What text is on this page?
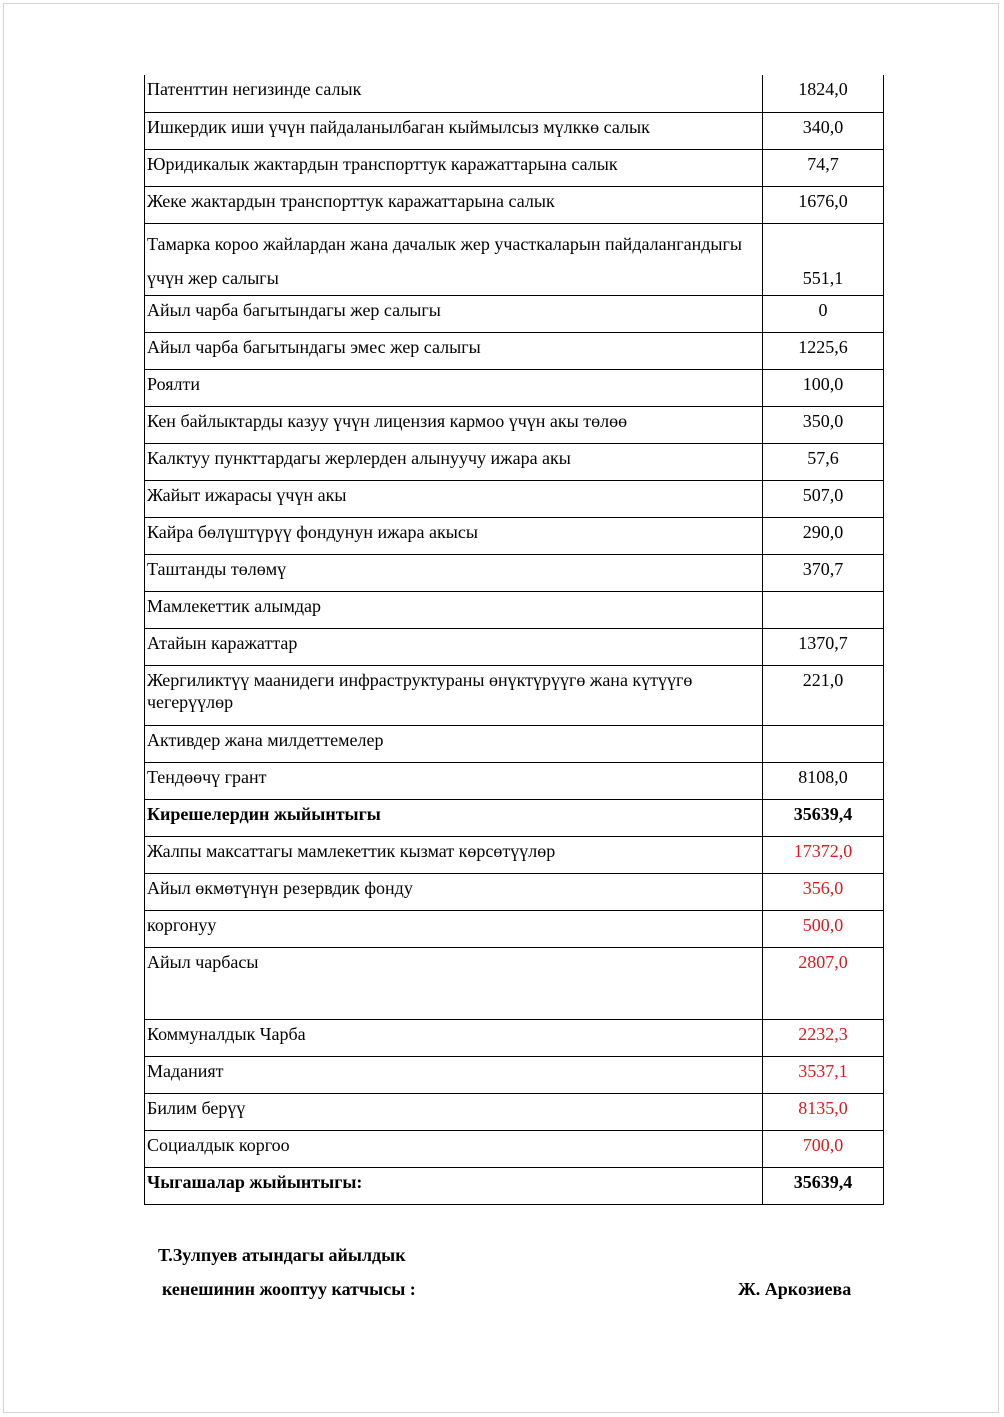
Патенттин негизинде салык	1824,0
Ишкердик иши үчүн пайдаланылбаган кыймылсыз мүлккө салык	340,0
Юридикалык жактардын транспорттук каражаттарына салык	74,7
Жеке жактардын транспорттук каражаттарына салык	1676,0
Тамарка короо жайлардан жана дачалык жер участкаларын пайдалангандыгы үчүн жер салыгы	551,1
Айыл чарба багытындагы жер салыгы	0
Айыл чарба багытындагы эмес жер салыгы	1225,6
Роялти	100,0
Кен байлыктарды казуу үчүн лицензия кармоо үчүн акы төлөө	350,0
Калктуу пункттардагы жерлерден алынуучу ижара акы	57,6
Жайыт ижарасы үчүн акы	507,0
Кайра бөлүштүрүү фондунун ижара акысы	290,0
Таштанды төлөмү	370,7
Мамлекеттик алымдар	
Атайын каражаттар	1370,7
Жергиликтүү маанидеги инфраструктураны өнүктүрүүгө жана күтүүгө чегерүүлөр	221,0
Активдер жана милдеттемелер	
Тендөөчү грант	8108,0
Кирешелердин жыйынтыгы	35639,4
Жалпы максаттагы мамлекеттик кызмат көрсөтүүлөр	17372,0
Айыл өкмөтүнүн резервдик фонду	356,0
коргонуу	500,0
Айыл чарбасы	2807,0
Коммуналдык Чарба	2232,3
Маданият	3537,1
Билим берүү	8135,0
Социалдык коргоо	700,0
Чыгашалар жыйынтыгы:	35639,4
Т.Зулпуев атындагы айылдык
кенешинин жооптуу катчысы :	Ж. Аркозиева
